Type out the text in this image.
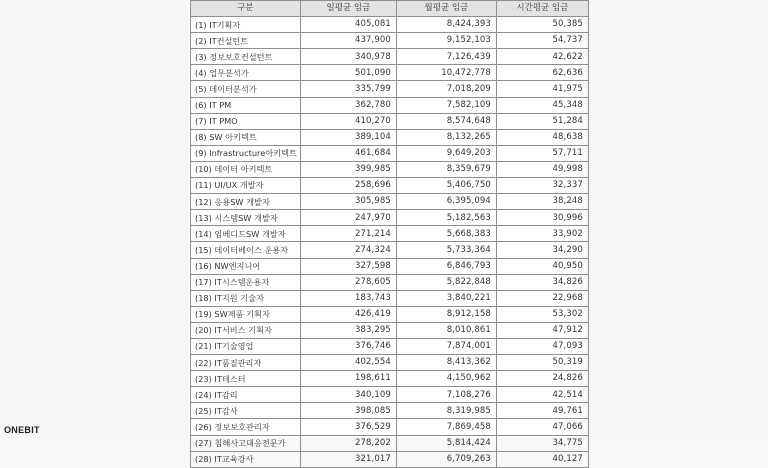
구분	일평균 임금	월평균 임금	시간평균 임금
(1) IT기획자	405,081	8,424,393	50,385
(2) IT컨설턴트	437,900	9,152,103	54,737
(3) 정보보호컨설턴트	340,978	7,126,439	42,622
(4) 업무분석가	501,090	10,472,778	62,636
(5) 데이터분석가	335,799	7,018,209	41,975
(6) IT PM	362,780	7,582,109	45,348
(7) IT PMO	410,270	8,574,648	51,284
(8) SW 아키텍트	389,104	8,132,265	48,638
(9) Infrastructure아키텍트	461,684	9,649,203	57,711
(10) 데이터 아키텍트	399,985	8,359,679	49,998
(11) UI/UX 개발자	258,696	5,406,750	32,337
(12) 응용SW 개발자	305,985	6,395,094	38,248
(13) 시스템SW 개발자	247,970	5,182,563	30,996
(14) 임베디드SW 개발자	271,214	5,668,383	33,902
(15) 데이터베이스 운용자	274,324	5,733,364	34,290
(16) NW엔지니어	327,598	6,846,793	40,950
(17) IT시스템운용자	278,605	5,822,848	34,826
(18) IT지원 기술자	183,743	3,840,221	22,968
(19) SW제품 기획자	426,419	8,912,158	53,302
(20) IT서비스 기획자	383,295	8,010,861	47,912
(21) IT기술영업	376,746	7,874,001	47,093
(22) IT품질관리자	402,554	8,413,362	50,319
(23) IT테스터	198,611	4,150,962	24,826
(24) IT감리	340,109	7,108,276	42,514
(25) IT감사	398,085	8,319,985	49,761
(26) 정보보호관리자	376,529	7,869,458	47,066
(27) 침해사고대응전문가	278,202	5,814,424	34,775
(28) IT교육강사	321,017	6,709,263	40,127
ONEBIT
